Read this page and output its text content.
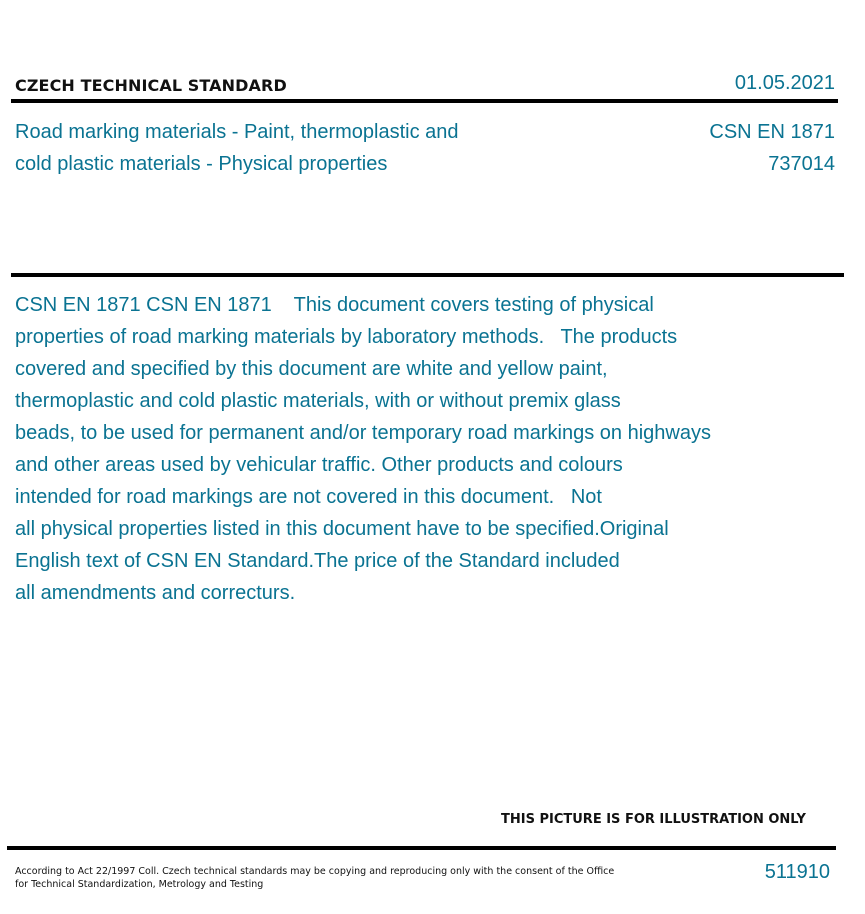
CZECH TECHNICAL STANDARD	01.05.2021
Road marking materials - Paint, thermoplastic and
cold plastic materials - Physical properties
CSN EN 1871
737014
CSN EN 1871 CSN EN 1871    This document covers testing of physical
properties of road marking materials by laboratory methods.   The products
covered and specified by this document are white and yellow paint,
thermoplastic and cold plastic materials, with or without premix glass
beads, to be used for permanent and/or temporary road markings on highways
and other areas used by vehicular traffic. Other products and colours
intended for road markings are not covered in this document.   Not
all physical properties listed in this document have to be specified.Original
English text of CSN EN Standard.The price of the Standard included
all amendments and correcturs.
THIS PICTURE IS FOR ILLUSTRATION ONLY
According to Act 22/1997 Coll. Czech technical standards may be copying and reproducing only with the consent of the Office
for Technical Standardization, Metrology and Testing
511910
